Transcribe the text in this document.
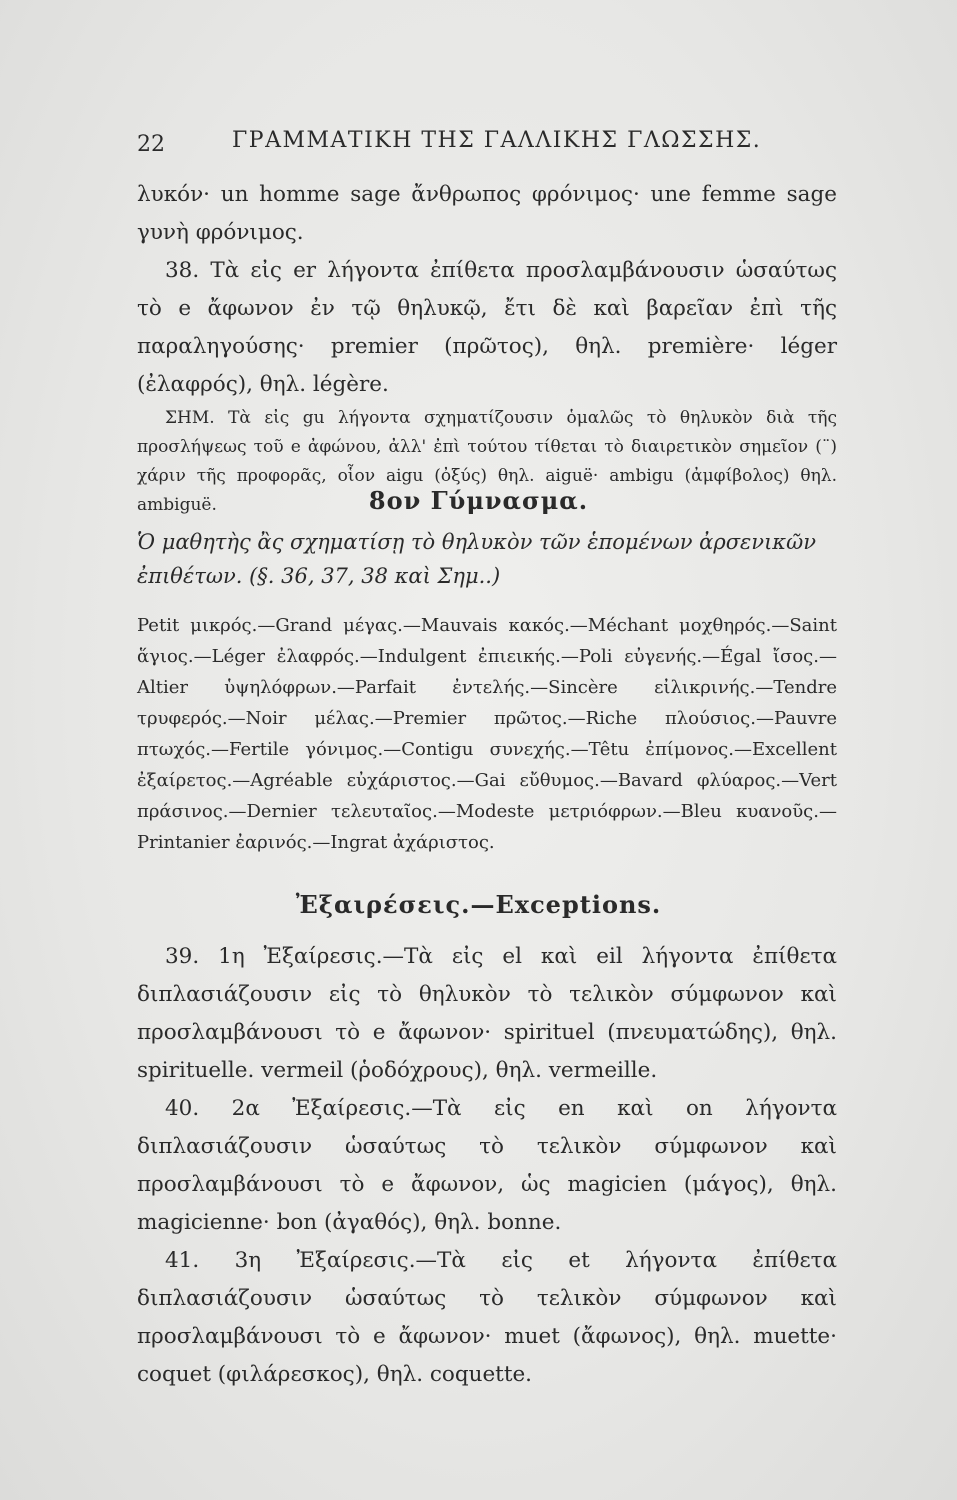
22	ΓΡΑΜΜΑΤΙΚΗ ΤΗΣ ΓΑΛΛΙΚΗΣ ΓΛΩΣΣΗΣ.

λυκόν· un homme sage ἄνθρωπος φρόνιμος· une femme sage γυνὴ φρόνιμος.

38. Τὰ εἰς er λήγοντα ἐπίθετα προσλαμβάνουσιν ὡσαύτως τὸ e ἄφωνον ἐν τῷ θηλυκῷ, ἔτι δὲ καὶ βαρεῖαν ἐπὶ τῆς παραληγούσης· premier (πρῶτος), θηλ. première· léger (ἐλαφρός), θηλ. légère.

ΣΗΜ. Τὰ εἰς gu λήγοντα σχηματίζουσιν ὁμαλῶς τὸ θηλυκὸν διὰ τῆς προσλήψεως τοῦ e ἀφώνου, ἀλλ' ἐπὶ τούτου τίθεται τὸ διαιρετικὸν σημεῖον (¨) χάριν τῆς προφορᾶς, οἷον aigu (ὀξύς) θηλ. aiguë· ambigu (ἀμφίβολος) θηλ. ambiguë.	8ον Γύμνασμα.
Ὁ μαθητὴς ἂς σχηματίσῃ τὸ θηλυκὸν τῶν ἑπομένων ἀρσενικῶν ἐπιθέτων. (§. 36, 37, 38 καὶ Σημ..)
Petit μικρός.—Grand μέγας.—Mauvais κακός.—Méchant μοχθηρός.—Saint ἅγιος.—Léger ἐλαφρός.—Indulgent ἐπιεικής.—Poli εὐγενής.—Égal ἴσος.—Altier ὑψηλόφρων.—Parfait ἐντελής.—Sincère εἰλικρινής.—Tendre τρυφερός.—Noir μέλας.—Premier πρῶτος.—Riche πλούσιος.—Pauvre πτωχός.—Fertile γόνιμος.—Contigu συνεχής.—Têtu ἐπίμονος.—Excellent ἐξαίρετος.—Agréable εὐχάριστος.—Gai εὔθυμος.—Bavard φλύαρος.—Vert πράσινος.—Dernier τελευταῖος.—Modeste μετριόφρων.—Bleu κυανοῦς.—Printanier ἐαρινός.—Ingrat ἀχάριστος.
Ἐξαιρέσεις.—Exceptions.

39. 1η Ἐξαίρεσις.—Τὰ εἰς el καὶ eil λήγοντα ἐπίθετα διπλασιάζουσιν εἰς τὸ θηλυκὸν τὸ τελικὸν σύμφωνον καὶ προσλαμβάνουσι τὸ e ἄφωνον· spirituel (πνευματώδης), θηλ. spirituelle. vermeil (ῥοδόχρους), θηλ. vermeille.

40. 2α Ἐξαίρεσις.—Τὰ εἰς en καὶ on λήγοντα διπλασιάζουσιν ὡσαύτως τὸ τελικὸν σύμφωνον καὶ προσλαμβάνουσι τὸ e ἄφωνον, ὡς magicien (μάγος), θηλ. magicienne· bon (ἀγαθός), θηλ. bonne.

41. 3η Ἐξαίρεσις.—Τὰ εἰς et λήγοντα ἐπίθετα διπλασιάζουσιν ὡσαύτως τὸ τελικὸν σύμφωνον καὶ προσλαμβάνουσι τὸ e ἄφωνον· muet (ἄφωνος), θηλ. muette· coquet (φιλάρεσκος), θηλ. coquette.
